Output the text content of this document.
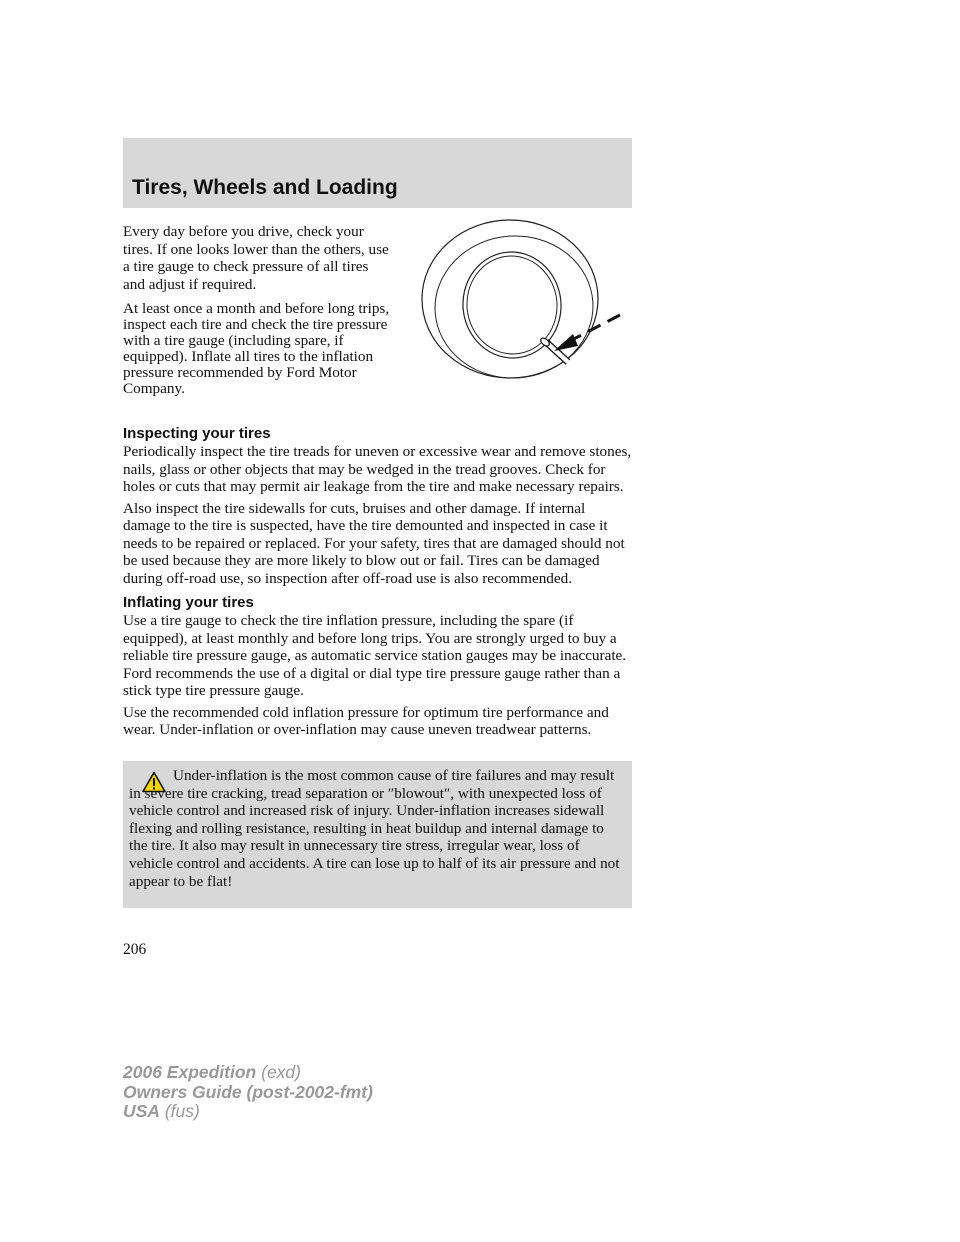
Tires, Wheels and Loading

Every day before you drive, check your tires. If one looks lower than the others, use a tire gauge to check pressure of all tires and adjust if required.

At least once a month and before long trips, inspect each tire and check the tire pressure with a tire gauge (including spare, if equipped). Inflate all tires to the inflation pressure recommended by Ford Motor Company.

Inspecting your tires

Periodically inspect the tire treads for uneven or excessive wear and remove stones, nails, glass or other objects that may be wedged in the tread grooves. Check for holes or cuts that may permit air leakage from the tire and make necessary repairs.

Also inspect the tire sidewalls for cuts, bruises and other damage. If internal damage to the tire is suspected, have the tire demounted and inspected in case it needs to be repaired or replaced. For your safety, tires that are damaged should not be used because they are more likely to blow out or fail. Tires can be damaged during off-road use, so inspection after off-road use is also recommended.

Inflating your tires

Use a tire gauge to check the tire inflation pressure, including the spare (if equipped), at least monthly and before long trips. You are strongly urged to buy a reliable tire pressure gauge, as automatic service station gauges may be inaccurate. Ford recommends the use of a digital or dial type tire pressure gauge rather than a stick type tire pressure gauge.

Use the recommended cold inflation pressure for optimum tire performance and wear. Under-inflation or over-inflation may cause uneven treadwear patterns.

Under-inflation is the most common cause of tire failures and may result in severe tire cracking, tread separation or ″blowout″, with unexpected loss of vehicle control and increased risk of injury. Under-inflation increases sidewall flexing and rolling resistance, resulting in heat buildup and internal damage to the tire. It also may result in unnecessary tire stress, irregular wear, loss of vehicle control and accidents. A tire can lose up to half of its air pressure and not appear to be flat!

206

2006 Expedition (exd)
Owners Guide (post-2002-fmt)
USA (fus)
